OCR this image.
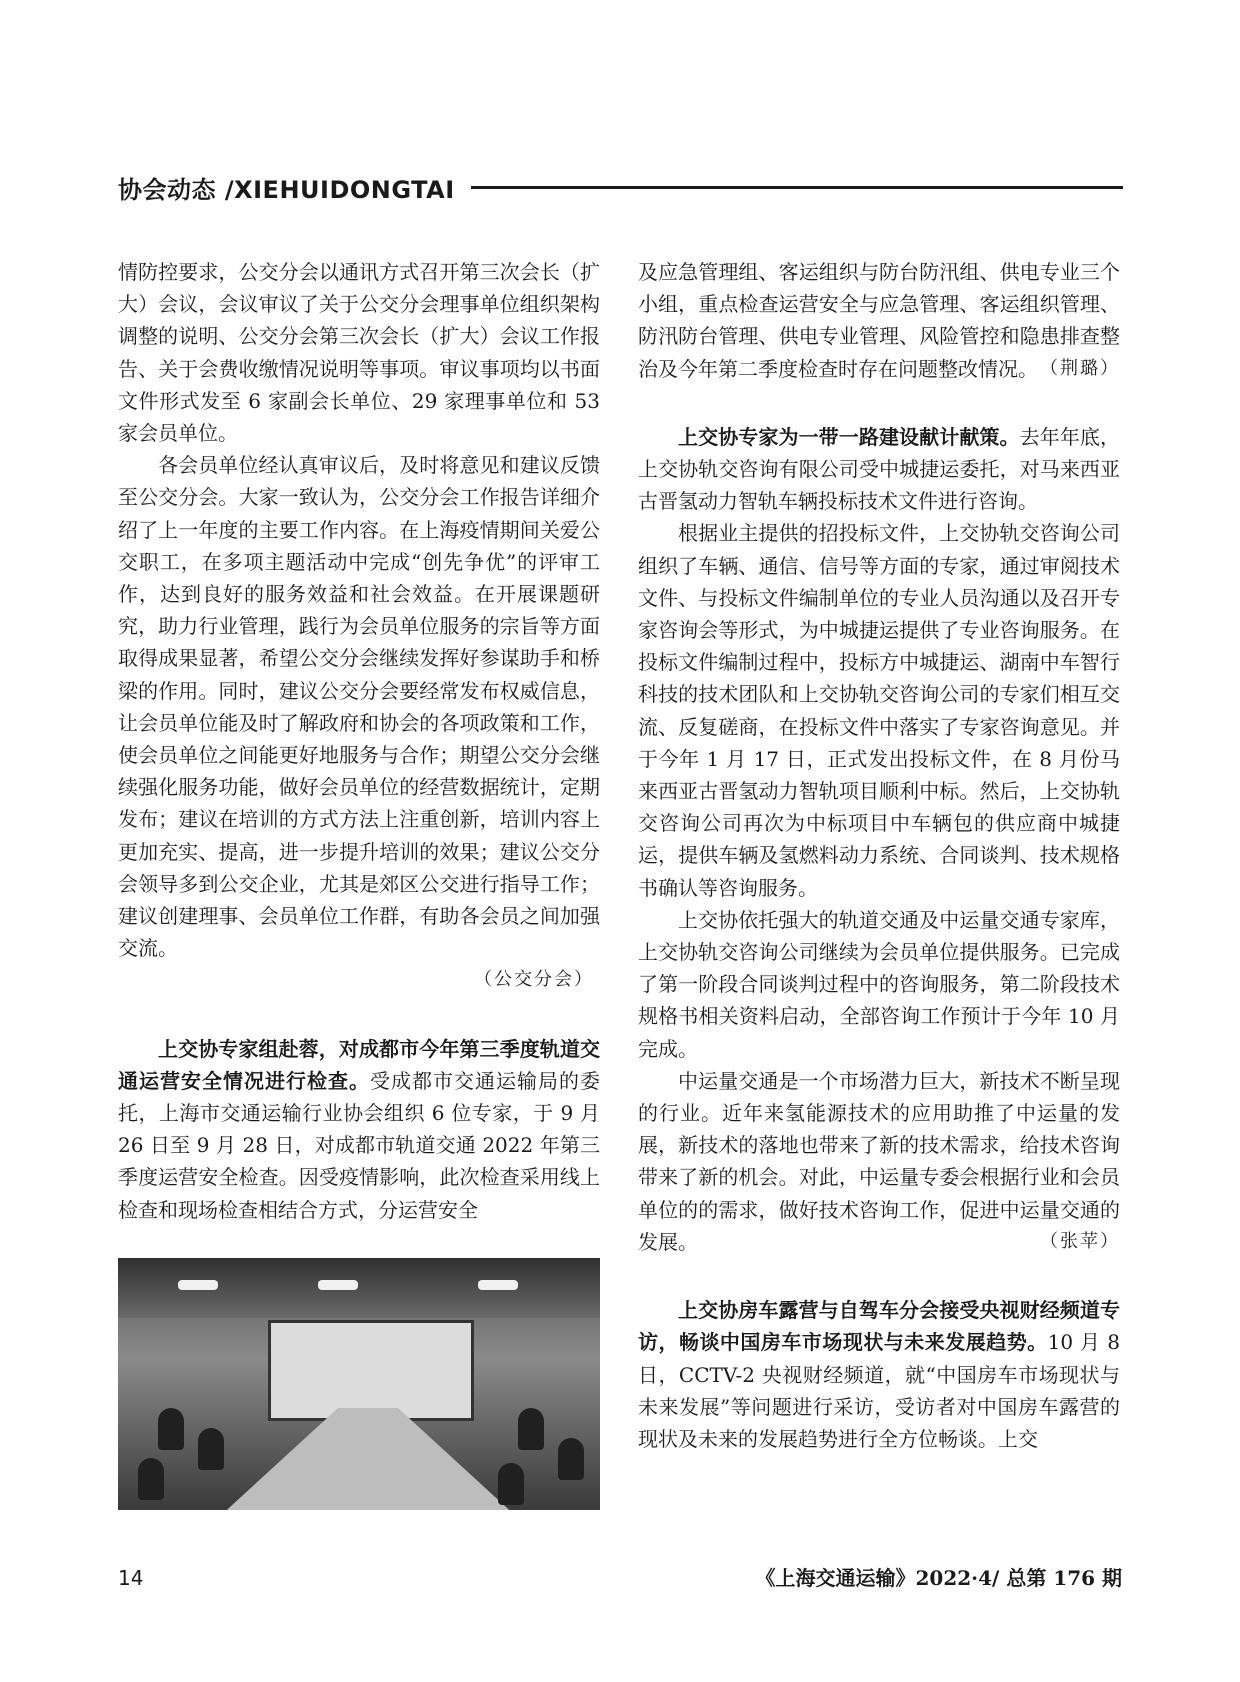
协会动态 /XIEHUIDONGTAI

情防控要求，公交分会以通讯方式召开第三次会长（扩大）会议，会议审议了关于公交分会理事单位组织架构调整的说明、公交分会第三次会长（扩大）会议工作报告、关于会费收缴情况说明等事项。审议事项均以书面文件形式发至 6 家副会长单位、29 家理事单位和 53 家会员单位。

各会员单位经认真审议后，及时将意见和建议反馈至公交分会。大家一致认为，公交分会工作报告详细介绍了上一年度的主要工作内容。在上海疫情期间关爱公交职工，在多项主题活动中完成“创先争优”的评审工作，达到良好的服务效益和社会效益。在开展课题研究，助力行业管理，践行为会员单位服务的宗旨等方面取得成果显著，希望公交分会继续发挥好参谋助手和桥梁的作用。同时，建议公交分会要经常发布权威信息，让会员单位能及时了解政府和协会的各项政策和工作，使会员单位之间能更好地服务与合作；期望公交分会继续强化服务功能，做好会员单位的经营数据统计，定期发布；建议在培训的方式方法上注重创新，培训内容上更加充实、提高，进一步提升培训的效果；建议公交分会领导多到公交企业，尤其是郊区公交进行指导工作；建议创建理事、会员单位工作群，有助各会员之间加强交流。

（公交分会）

上交协专家组赴蓉，对成都市今年第三季度轨道交通运营安全情况进行检查。受成都市交通运输局的委托，上海市交通运输行业协会组织 6 位专家，于 9 月 26 日至 9 月 28 日，对成都市轨道交通 2022 年第三季度运营安全检查。因受疫情影响，此次检查采用线上检查和现场检查相结合方式，分运营安全

及应急管理组、客运组织与防台防汛组、供电专业三个小组，重点检查运营安全与应急管理、客运组织管理、防汛防台管理、供电专业管理、风险管控和隐患排查整治及今年第二季度检查时存在问题整改情况。 （荆璐）

上交协专家为一带一路建设献计献策。去年年底，上交协轨交咨询有限公司受中城捷运委托，对马来西亚古晋氢动力智轨车辆投标技术文件进行咨询。

根据业主提供的招投标文件，上交协轨交咨询公司组织了车辆、通信、信号等方面的专家，通过审阅技术文件、与投标文件编制单位的专业人员沟通以及召开专家咨询会等形式，为中城捷运提供了专业咨询服务。在投标文件编制过程中，投标方中城捷运、湖南中车智行科技的技术团队和上交协轨交咨询公司的专家们相互交流、反复磋商，在投标文件中落实了专家咨询意见。并于今年 1 月 17 日，正式发出投标文件，在 8 月份马来西亚古晋氢动力智轨项目顺利中标。然后，上交协轨交咨询公司再次为中标项目中车辆包的供应商中城捷运，提供车辆及氢燃料动力系统、合同谈判、技术规格书确认等咨询服务。

上交协依托强大的轨道交通及中运量交通专家库，上交协轨交咨询公司继续为会员单位提供服务。已完成了第一阶段合同谈判过程中的咨询服务，第二阶段技术规格书相关资料启动，全部咨询工作预计于今年 10 月完成。

中运量交通是一个市场潜力巨大，新技术不断呈现的行业。近年来氢能源技术的应用助推了中运量的发展，新技术的落地也带来了新的技术需求，给技术咨询带来了新的机会。对此，中运量专委会根据行业和会员单位的的需求，做好技术咨询工作，促进中运量交通的发展。	（张苹）

上交协房车露营与自驾车分会接受央视财经频道专访，畅谈中国房车市场现状与未来发展趋势。10 月 8 日，CCTV-2 央视财经频道，就“中国房车市场现状与未来发展”等问题进行采访，受访者对中国房车露营的现状及未来的发展趋势进行全方位畅谈。上交

14	《上海交通运输》2022·4/ 总第 176 期
